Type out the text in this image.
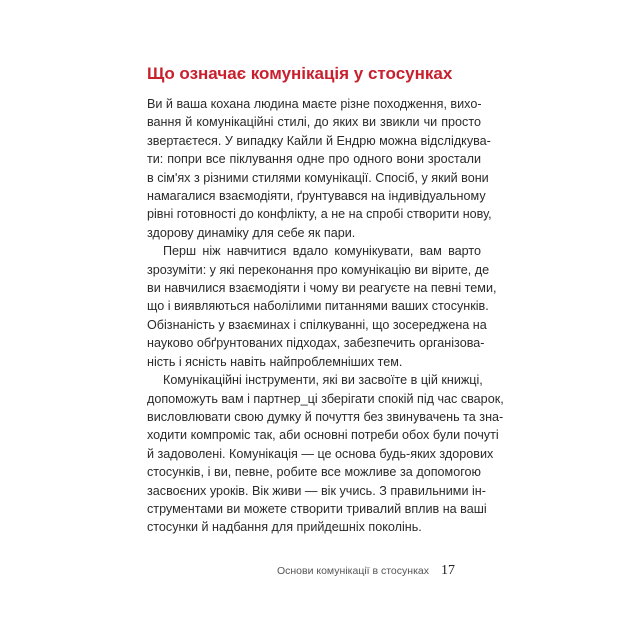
Що означає комунікація у стосунках

Ви й ваша кохана людина маєте різне походження, вихо-
вання й комунікаційні стилі, до яких ви звикли чи просто
звертаєтеся. У випадку Кайли й Ендрю можна відслідкува-
ти: попри все піклування одне про одного вони зростали
в сім'ях з різними стилями комунікації. Спосіб, у який вони
намагалися взаємодіяти, ґрунтувався на індивідуальному
рівні готовності до конфлікту, а не на спробі створити нову,
здорову динаміку для себе як пари.

Перш ніж навчитися вдало комунікувати, вам варто
зрозуміти: у які переконання про комунікацію ви вірите, де
ви навчилися взаємодіяти і чому ви реагуєте на певні теми,
що і виявляються наболілими питаннями ваших стосунків.
Обізнаність у взаєминах і спілкуванні, що зосереджена на
науково обґрунтованих підходах, забезпечить організова-
ність і ясність навіть найпроблемніших тем.

Комунікаційні інструменти, які ви засвоїте в цій книжці,
допоможуть вам і партнер_ці зберігати спокій під час сварок,
висловлювати свою думку й почуття без звинувачень та зна-
ходити компроміс так, аби основні потреби обох були почуті
й задоволені. Комунікація — це основа будь-яких здорових
стосунків, і ви, певне, робите все можливе за допомогою
засвоєних уроків. Вік живи — вік учись. З правильними ін-
струментами ви можете створити тривалий вплив на ваші
стосунки й надбання для прийдешніх поколінь.

Основи комунікації в стосунках 17
